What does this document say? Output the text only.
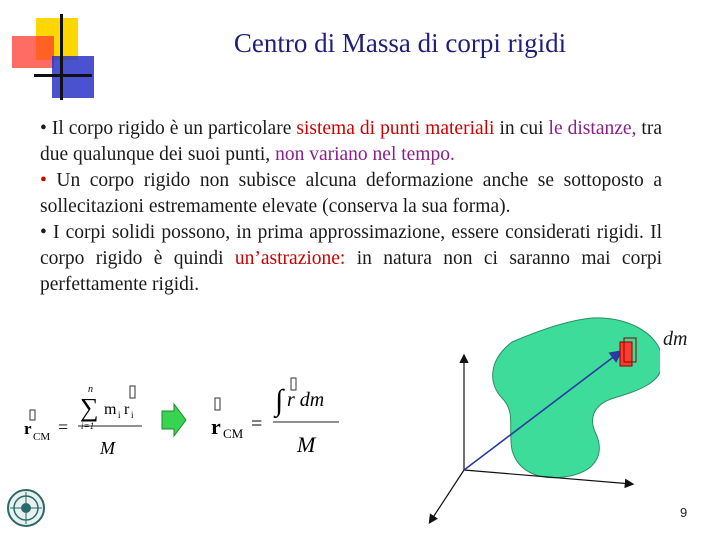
Centro di Massa di corpi rigidi

• Il corpo rigido è un particolare sistema di punti materiali in cui le distanze, tra due qualunque dei suoi punti, non variano nel tempo.

• Un corpo rigido non subisce alcuna deformazione anche se sottoposto a sollecitazioni estremamente elevate (conserva la sua forma).

• I corpi solidi possono, in prima approssimazione, essere considerati rigidi. Il corpo rigido è quindi un’astrazione: in natura non ci saranno mai corpi perfettamente rigidi.

r CM =
n
∑
i=1
m i r i
M
r CM =
∫ r dm
M
dm
9
